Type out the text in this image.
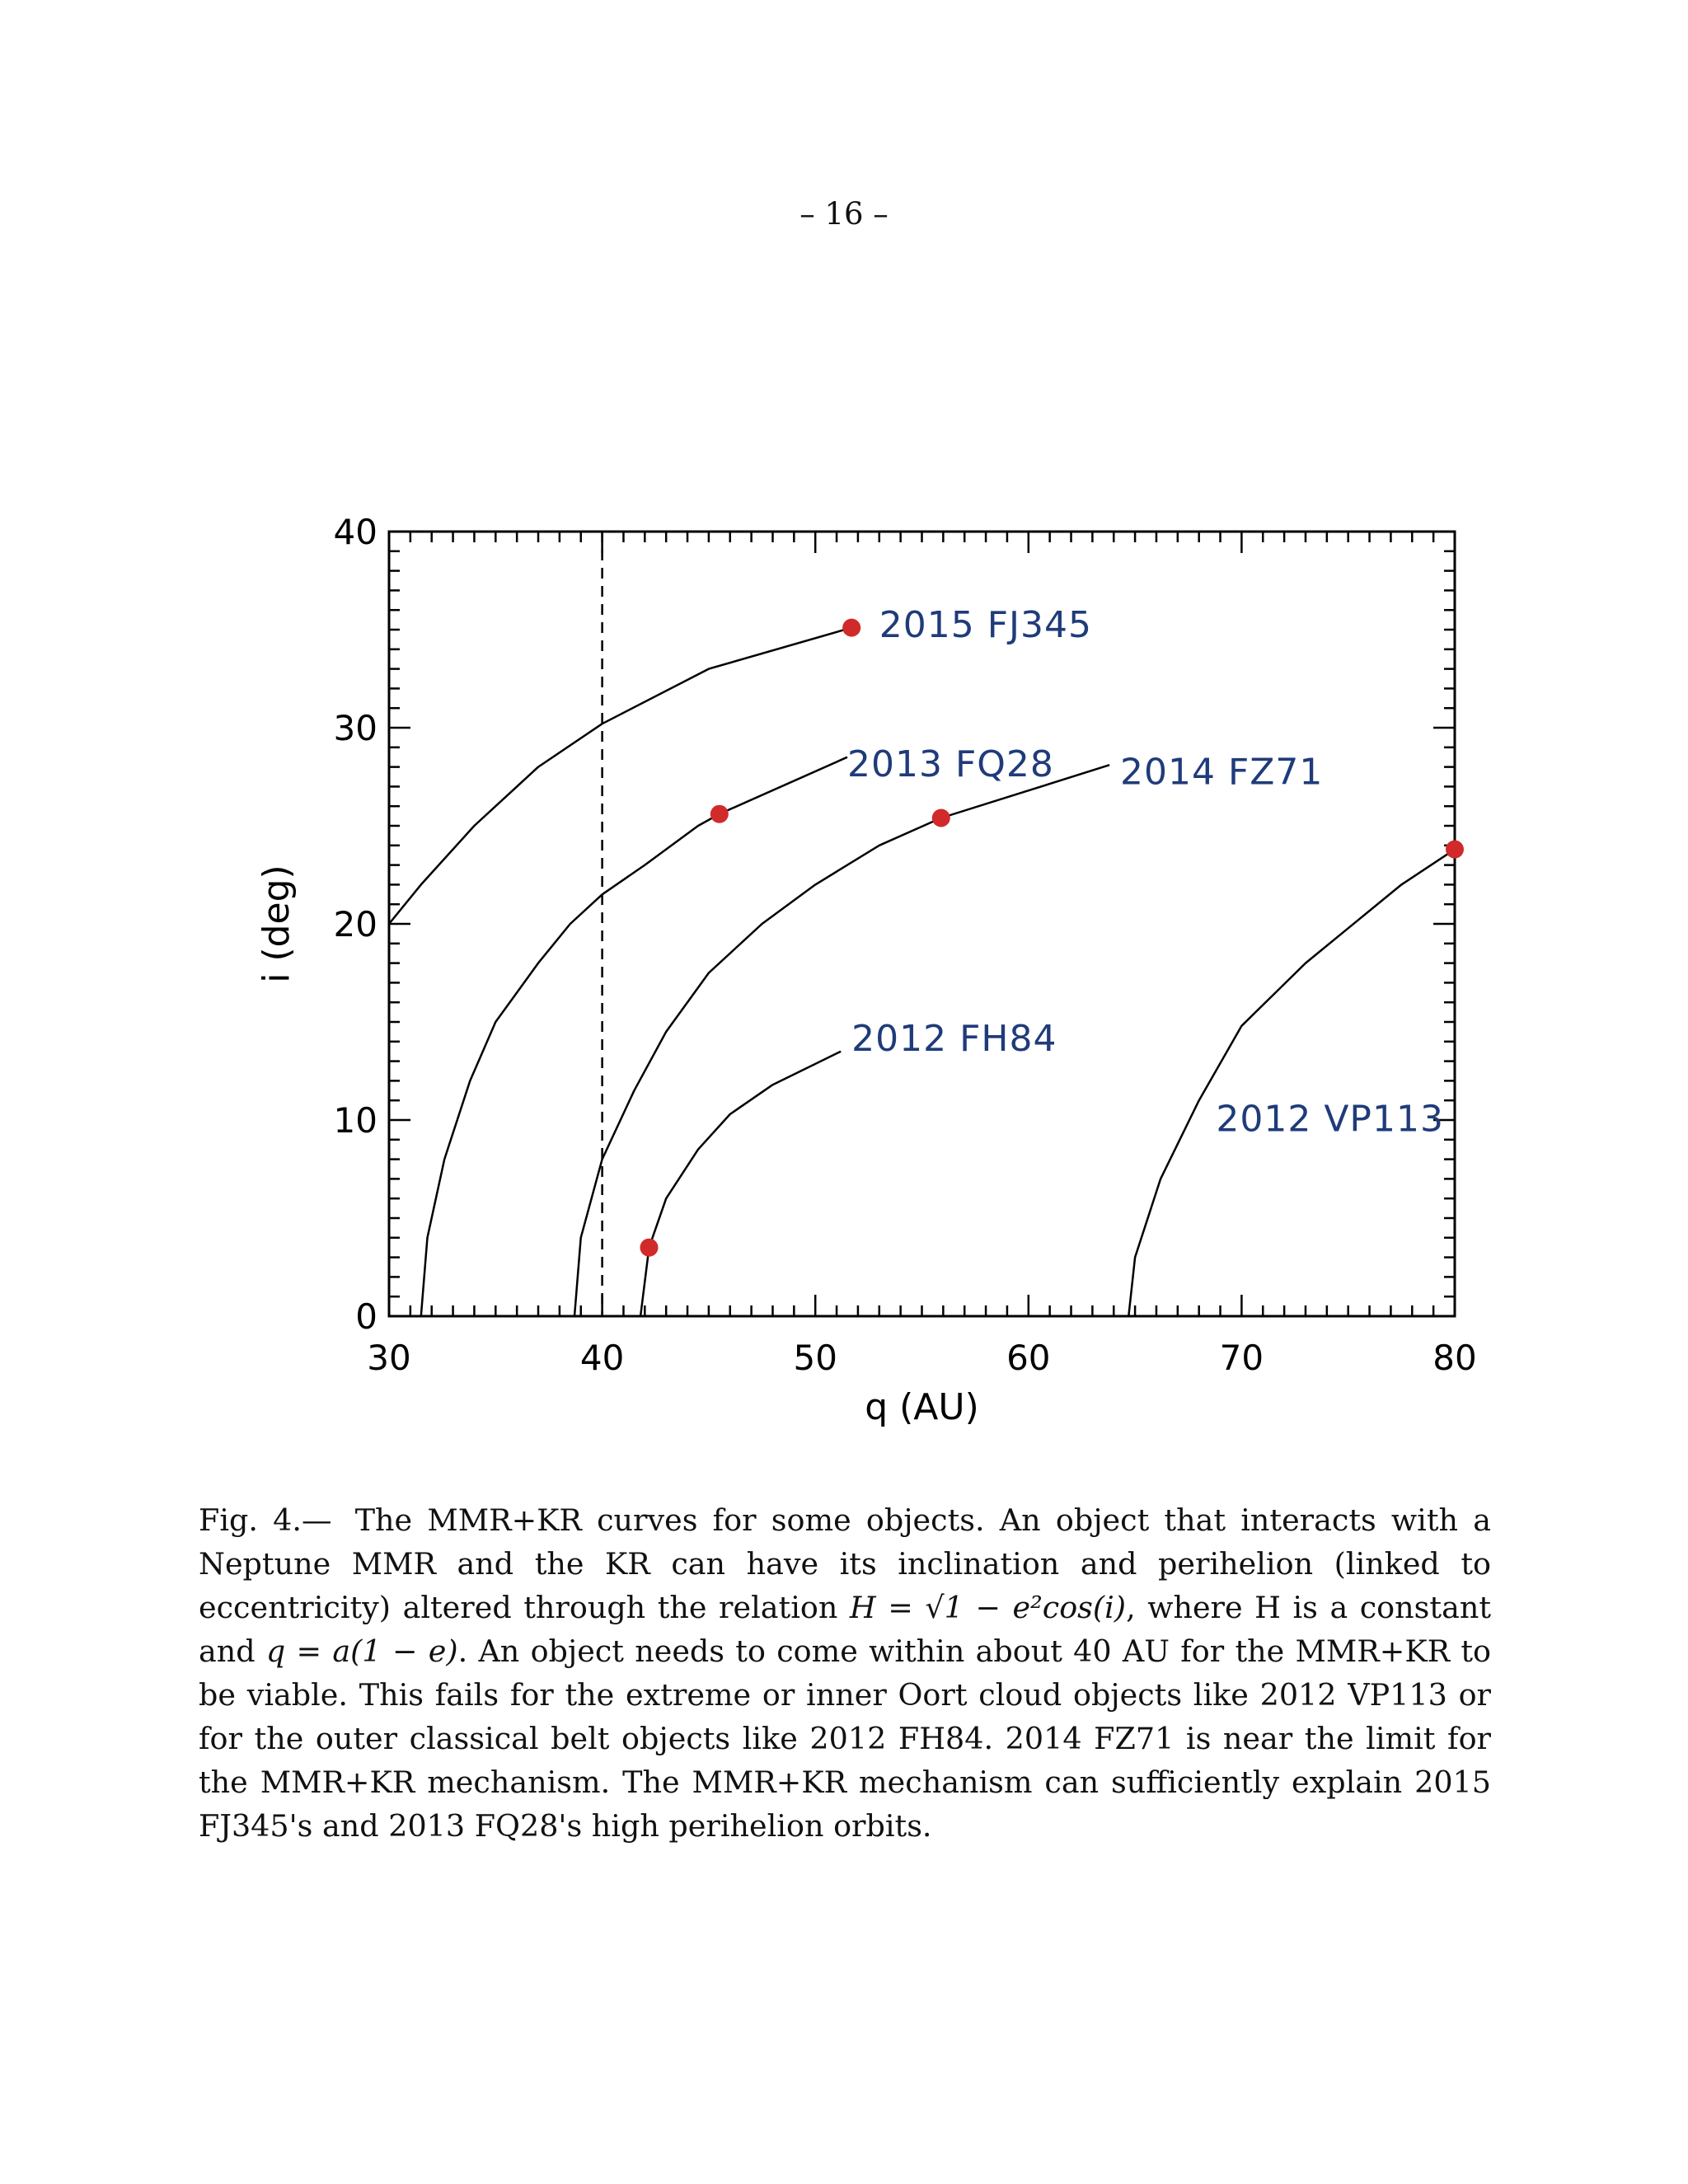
– 16 –
2015 FJ345
2013 FQ28 2014 FZ71
2012 FH84
2012 VP113
30	40	50	60	70	80
0
10
20
30
40
q (AU)
i (deg)
Fig. 4.— The MMR+KR curves for some objects. An object that interacts with a Neptune MMR and the KR can have its inclination and perihelion (linked to eccentricity) altered through the relation H = √1 − e²cos(i), where H is a constant and q = a(1 − e). An object needs to come within about 40 AU for the MMR+KR to be viable. This fails for the extreme or inner Oort cloud objects like 2012 VP113 or for the outer classical belt objects like 2012 FH84. 2014 FZ71 is near the limit for the MMR+KR mechanism. The MMR+KR mechanism can sufficiently explain 2015 FJ345's and 2013 FQ28's high perihelion orbits.
